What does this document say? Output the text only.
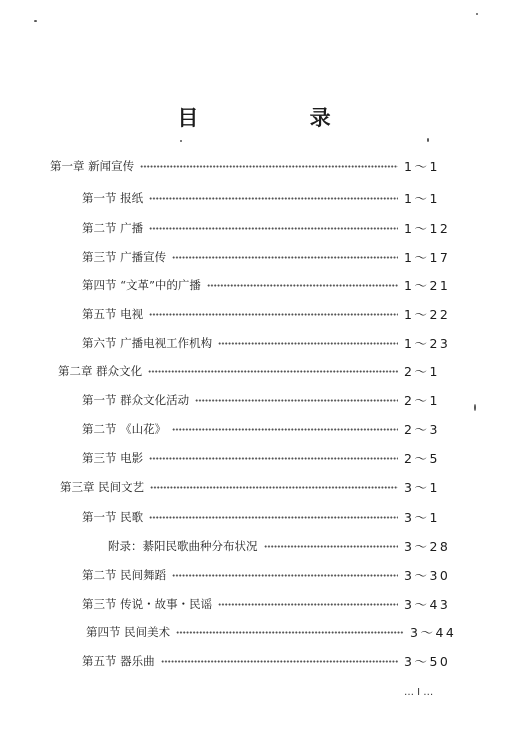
目 录
第一章 新闻宣传	1～1
第一节 报纸	1～1
第二节 广播	1～12
第三节 广播宣传	1～17
第四节 “文革”中的广播	1～21
第五节 电视	1～22
第六节 广播电视工作机构	1～23
第二章 群众文化	2～1
第一节 群众文化活动	2～1
第二节 《山花》	2～3
第三节 电影	2～5
第三章 民间文艺	3～1
第一节 民歌	3～1
附录：綦阳民歌曲种分布状况	3～28
第二节 民间舞蹈	3～30
第三节 传说・故事・民谣	3～43
第四节 民间美术	3～44
第五节 器乐曲	3～50
… I …
